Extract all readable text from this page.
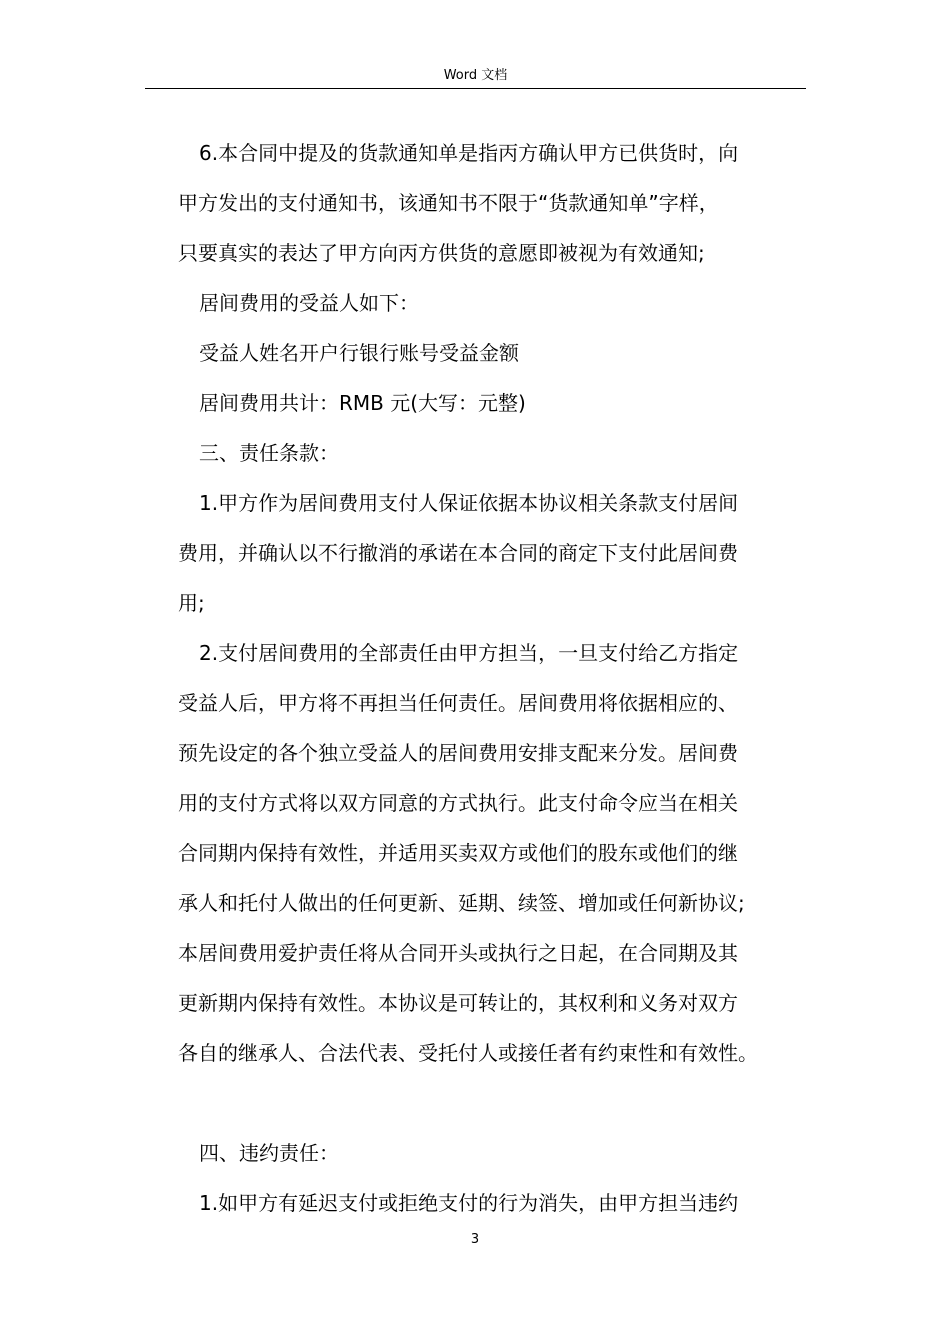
Word 文档
6.本合同中提及的货款通知单是指丙方确认甲方已供货时，向
甲方发出的支付通知书，该通知书不限于“货款通知单”字样，
只要真实的表达了甲方向丙方供货的意愿即被视为有效通知;
居间费用的受益人如下：
受益人姓名开户行银行账号受益金额
居间费用共计：RMB 元(大写：元整)
三、责任条款：
1.甲方作为居间费用支付人保证依据本协议相关条款支付居间
费用，并确认以不行撤消的承诺在本合同的商定下支付此居间费
用;
2.支付居间费用的全部责任由甲方担当，一旦支付给乙方指定
受益人后，甲方将不再担当任何责任。居间费用将依据相应的、
预先设定的各个独立受益人的居间费用安排支配来分发。居间费
用的支付方式将以双方同意的方式执行。此支付命令应当在相关
合同期内保持有效性，并适用买卖双方或他们的股东或他们的继
承人和托付人做出的任何更新、延期、续签、增加或任何新协议;
本居间费用爱护责任将从合同开头或执行之日起，在合同期及其
更新期内保持有效性。本协议是可转让的，其权利和义务对双方
各自的继承人、合法代表、受托付人或接任者有约束性和有效性。
四、违约责任：
1.如甲方有延迟支付或拒绝支付的行为消失，由甲方担当违约
3
